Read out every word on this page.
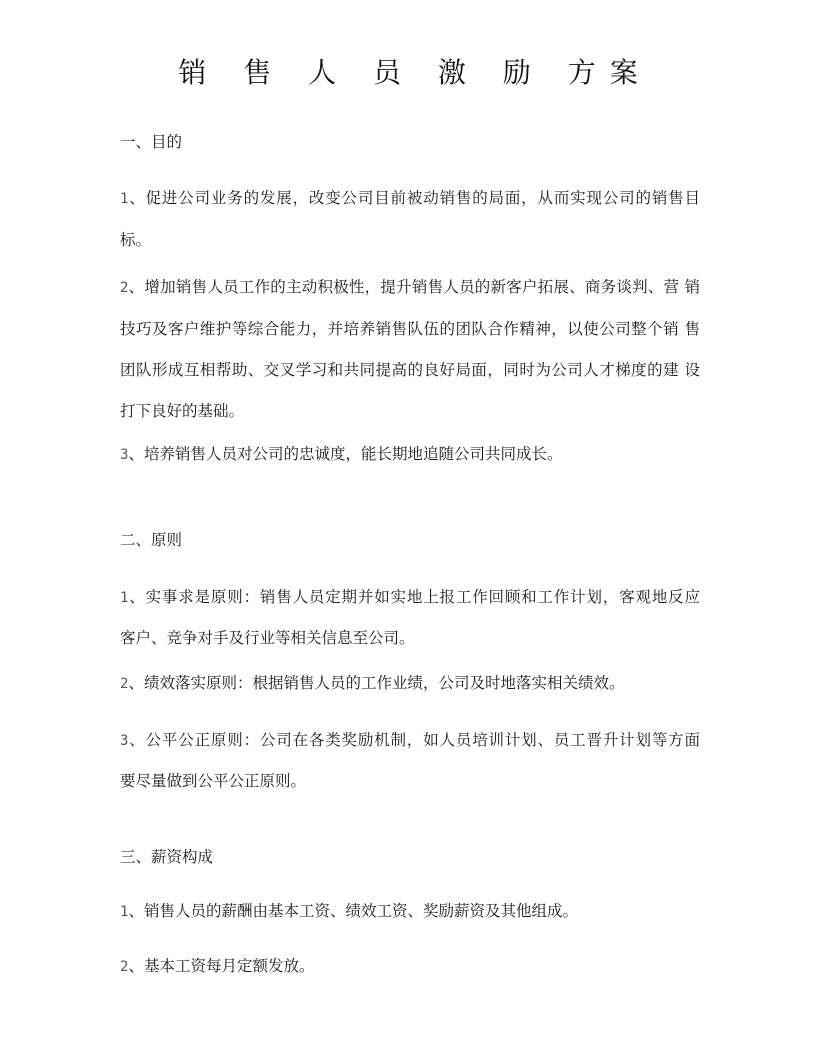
销 售 人 员 激 励 方案
一、目的
1、促进公司业务的发展，改变公司目前被动销售的局面，从而实现公司的销售目
标。
2、增加销售人员工作的主动积极性，提升销售人员的新客户拓展、商务谈判、营 销
技巧及客户维护等综合能力，并培养销售队伍的团队合作精神，以使公司整个销 售
团队形成互相帮助、交叉学习和共同提高的良好局面，同时为公司人才梯度的建 设
打下良好的基础。
3、培养销售人员对公司的忠诚度，能长期地追随公司共同成长。
二、原则
1、实事求是原则：销售人员定期并如实地上报工作回顾和工作计划，客观地反应
客户、竞争对手及行业等相关信息至公司。
2、绩效落实原则：根据销售人员的工作业绩，公司及时地落实相关绩效。
3、公平公正原则：公司在各类奖励机制，如人员培训计划、员工晋升计划等方面
要尽量做到公平公正原则。
三、薪资构成
1、销售人员的薪酬由基本工资、绩效工资、奖励薪资及其他组成。
2、基本工资每月定额发放。
